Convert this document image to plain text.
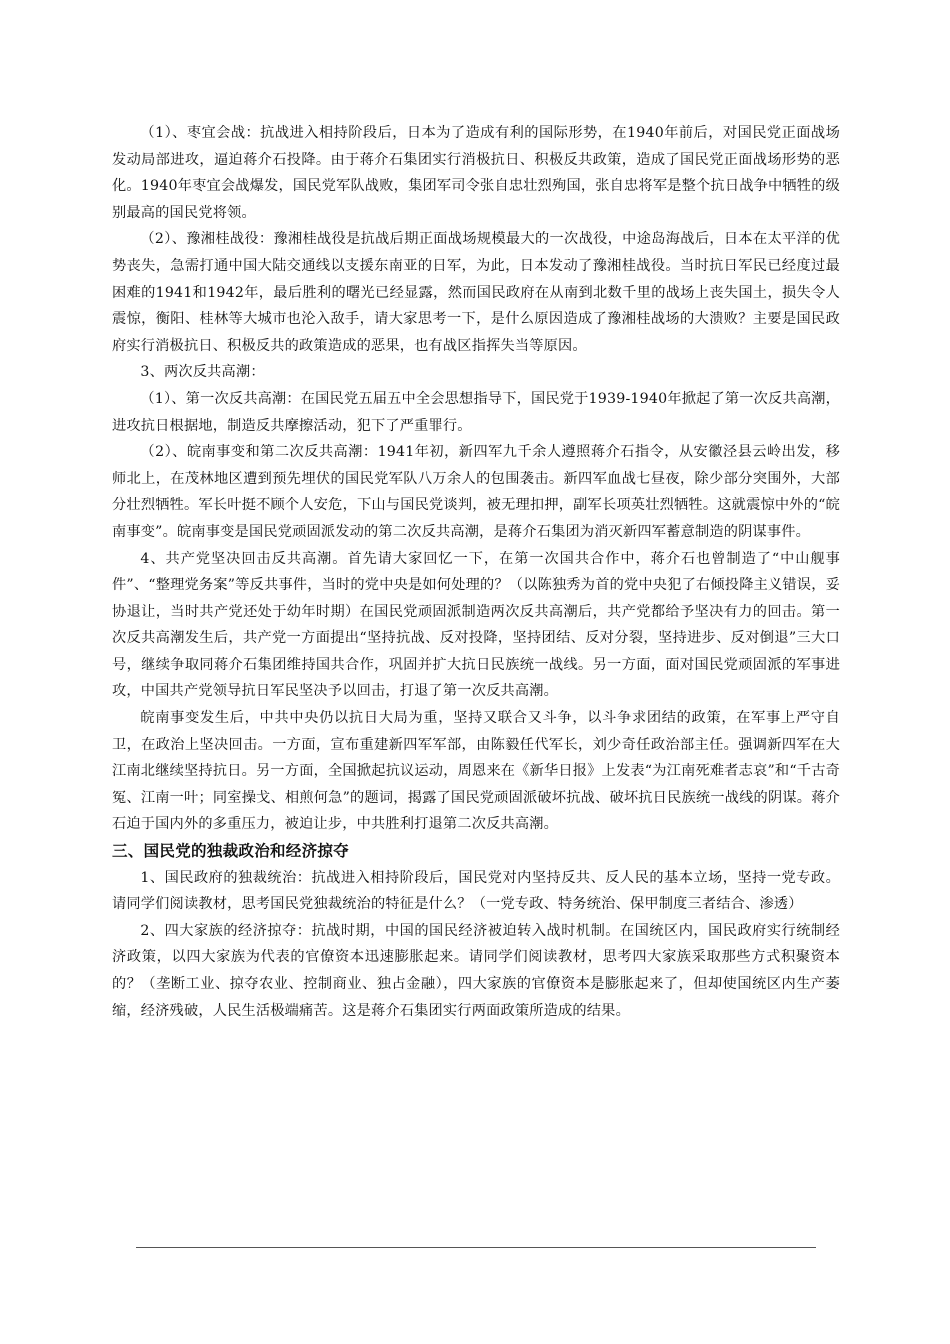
（1）、枣宜会战：抗战进入相持阶段后，日本为了造成有利的国际形势，在1940年前后，对国民党正面战场发动局部进攻，逼迫蒋介石投降。由于蒋介石集团实行消极抗日、积极反共政策，造成了国民党正面战场形势的恶化。1940年枣宜会战爆发，国民党军队战败，集团军司令张自忠壮烈殉国，张自忠将军是整个抗日战争中牺牲的级别最高的国民党将领。

（2）、豫湘桂战役：豫湘桂战役是抗战后期正面战场规模最大的一次战役，中途岛海战后，日本在太平洋的优势丧失，急需打通中国大陆交通线以支援东南亚的日军，为此，日本发动了豫湘桂战役。当时抗日军民已经度过最困难的1941和1942年，最后胜利的曙光已经显露，然而国民政府在从南到北数千里的战场上丧失国土，损失令人震惊，衡阳、桂林等大城市也沦入敌手，请大家思考一下，是什么原因造成了豫湘桂战场的大溃败？主要是国民政府实行消极抗日、积极反共的政策造成的恶果，也有战区指挥失当等原因。

3、两次反共高潮：

（1）、第一次反共高潮：在国民党五届五中全会思想指导下，国民党于1939-1940年掀起了第一次反共高潮，进攻抗日根据地，制造反共摩擦活动，犯下了严重罪行。

（2）、皖南事变和第二次反共高潮：1941年初，新四军九千余人遵照蒋介石指令，从安徽泾县云岭出发，移师北上，在茂林地区遭到预先埋伏的国民党军队八万余人的包围袭击。新四军血战七昼夜，除少部分突围外，大部分壮烈牺牲。军长叶挺不顾个人安危，下山与国民党谈判，被无理扣押，副军长项英壮烈牺牲。这就震惊中外的“皖南事变”。皖南事变是国民党顽固派发动的第二次反共高潮，是蒋介石集团为消灭新四军蓄意制造的阴谋事件。

4、共产党坚决回击反共高潮。首先请大家回忆一下，在第一次国共合作中，蒋介石也曾制造了“中山舰事件”、“整理党务案”等反共事件，当时的党中央是如何处理的？（以陈独秀为首的党中央犯了右倾投降主义错误，妥协退让，当时共产党还处于幼年时期）在国民党顽固派制造两次反共高潮后，共产党都给予坚决有力的回击。第一次反共高潮发生后，共产党一方面提出“坚持抗战、反对投降，坚持团结、反对分裂，坚持进步、反对倒退”三大口号，继续争取同蒋介石集团维持国共合作，巩固并扩大抗日民族统一战线。另一方面，面对国民党顽固派的军事进攻，中国共产党领导抗日军民坚决予以回击，打退了第一次反共高潮。

皖南事变发生后，中共中央仍以抗日大局为重，坚持又联合又斗争，以斗争求团结的政策，在军事上严守自卫，在政治上坚决回击。一方面，宣布重建新四军军部，由陈毅任代军长，刘少奇任政治部主任。强调新四军在大江南北继续坚持抗日。另一方面，全国掀起抗议运动，周恩来在《新华日报》上发表“为江南死难者志哀”和“千古奇冤、江南一叶；同室操戈、相煎何急”的题词，揭露了国民党顽固派破坏抗战、破坏抗日民族统一战线的阴谋。蒋介石迫于国内外的多重压力，被迫让步，中共胜利打退第二次反共高潮。

三、国民党的独裁政治和经济掠夺

1、国民政府的独裁统治：抗战进入相持阶段后，国民党对内坚持反共、反人民的基本立场，坚持一党专政。请同学们阅读教材，思考国民党独裁统治的特征是什么？（一党专政、特务统治、保甲制度三者结合、渗透）

2、四大家族的经济掠夺：抗战时期，中国的国民经济被迫转入战时机制。在国统区内，国民政府实行统制经济政策，以四大家族为代表的官僚资本迅速膨胀起来。请同学们阅读教材，思考四大家族采取那些方式积聚资本的？（垄断工业、掠夺农业、控制商业、独占金融），四大家族的官僚资本是膨胀起来了，但却使国统区内生产萎缩，经济残破，人民生活极端痛苦。这是蒋介石集团实行两面政策所造成的结果。
